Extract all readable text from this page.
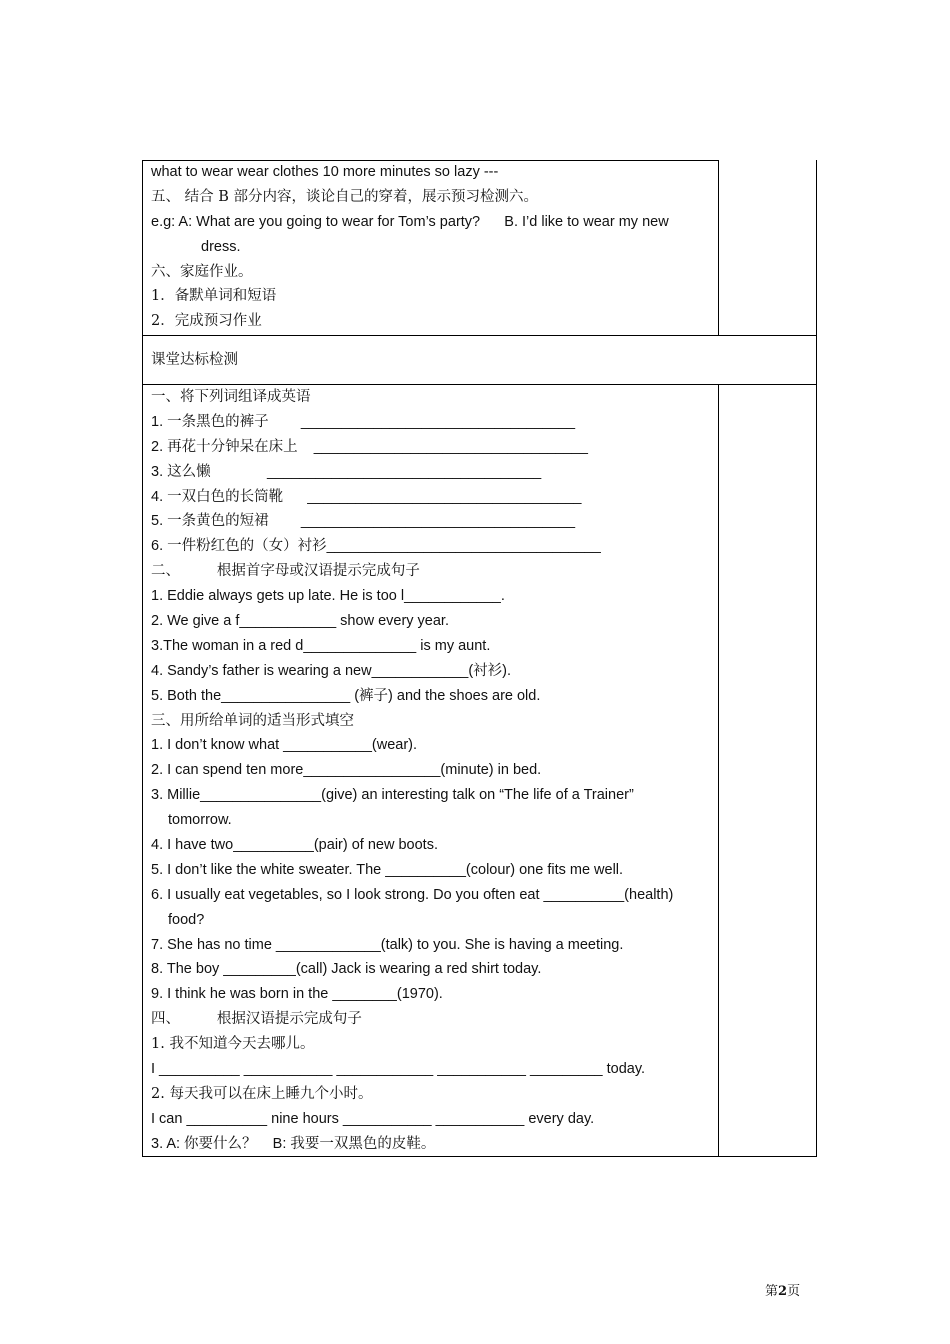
what to wear wear clothes 10 more minutes so lazy ---
五、 结合 B 部分内容，谈论自己的穿着，展示预习检测六。
e.g: A: What are you going to wear for Tom’s party?      B. I’d like to wear my new
dress.
六、家庭作业。
1．备默单词和短语
2．完成预习作业
课堂达标检测
一、将下列词组译成英语
1. 一条黑色的裤子        __________________________________
2. 再花十分钟呆在床上    __________________________________
3. 这么懒              __________________________________
4. 一双白色的长筒靴      __________________________________
5. 一条黄色的短裙        __________________________________
6. 一件粉红色的（女）衬衫__________________________________
二、        根据首字母或汉语提示完成句子
1. Eddie always gets up late. He is too l____________.
2. We give a f____________ show every year.
3.The woman in a red d______________ is my aunt.
4. Sandy’s father is wearing a new____________(衬衫).
5. Both the________________ (裤子) and the shoes are old.
三、用所给单词的适当形式填空
1. I don’t know what ___________(wear).
2. I can spend ten more_________________(minute) in bed.
3. Millie_______________(give) an interesting talk on “The life of a Trainer”
tomorrow.
4. I have two__________(pair) of new boots.
5. I don’t like the white sweater. The __________(colour) one fits me well.
6. I usually eat vegetables, so I look strong. Do you often eat __________(health)
food?
7. She has no time _____________(talk) to you. She is having a meeting.
8. The boy _________(call) Jack is wearing a red shirt today.
9. I think he was born in the ________(1970).
四、        根据汉语提示完成句子
1. 我不知道今天去哪儿。
I __________ ___________ ____________ ___________ _________ today.
2. 每天我可以在床上睡九个小时。
I can __________ nine hours ___________ ___________ every day.
3. A: 你要什么？    B: 我要一双黑色的皮鞋。
第2页
